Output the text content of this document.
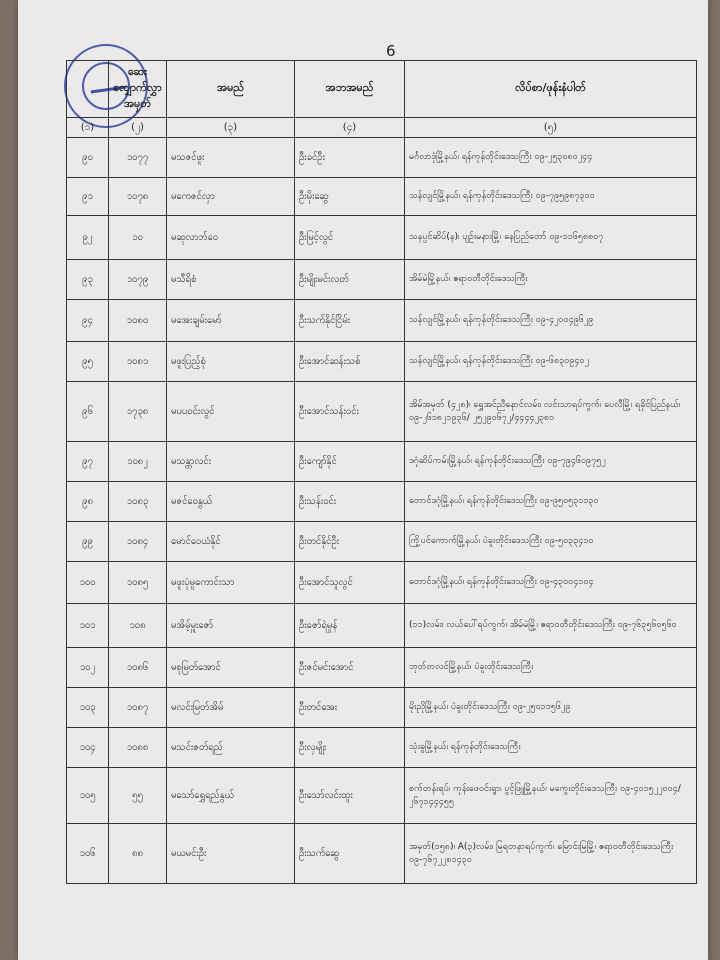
6
	ဆေးလျှောက်လွှာအမှတ်	အမည်	အဘအမည်	လိပ်စာ/ဖုန်းနံပါတ်
(၁)	(၂)	(၃)	(၄)	(၅)
၉၀	၁၀၇၇	မသဇင်ဖူး	ဦးခင်ဦး	မင်္ဂလာဒုံမြို့နယ်၊ ရန်ကုန်တိုင်းဒေသကြီး ၀၉-၂၅၃၀၈၀၂၄၄
၉၁	၁၀၇၈	မကေဇင်လှာ	ဦးမိုးဆွေ	သန်လျင်မြို့နယ်၊ ရန်ကုန်တိုင်းဒေသကြီး ၀၉-၇၉၅၉၈၇၃၀၀
၉၂	၁၀	မဆုလာဘ်ဝေ	ဦးမြင့်လွင်	သနပ္ပင်ဆိပ်(န)၊ ပျဉ်းမနားမြို့၊ နေပြည်တော် ၀၉-၁၁၆၅၈၈၀၇
၉၃	၁၀၇၉	မသီရိစံ	ဦးမျိုးမင်းလတ်	အိမ်မဲမြို့နယ်၊ ဧရာဝတီတိုင်းဒေသကြီး
၉၄	၁၀၈၀	မအေးချမ်းမော်	ဦးသက်နိုင်ငြိမ်း	သန်လျင်မြို့နယ်၊ ရန်ကုန်တိုင်းဒေသကြီး ၀၉-၄၂၀၀၄၉၆၂၉
၉၅	၁၀၈၁	မဖူးပြည့်စုံ	ဦးအောင်ဆန်းသစ်	သန်လျင်မြို့နယ်၊ ရန်ကုန်တိုင်းဒေသကြီး ၀၉-၆၈၃၀၉၄၀၂
၉၆	၁၇၃၈	မပပဝင်းလွင်	ဦးအောင်သန်းဝင်း	အိမ်အမှတ် (၄၂၈)၊ ရွှေအင်ညီနောင်လမ်း၊ လင်းသာရပ်ကွက်၊ ပေလီမြို့၊ ရခိုင်ပြည်နယ်၊ ၀၉-၂၆၁၈၂၁၉၃၆/ ၂၅၂၉၀၆၇၂/၄၄၄၄၂၃၈၁
၉၇	၁၀၈၂	မသန္တာလင်း	ဦးကျော်နိုင်	ဒဂုံဆိပ်ကမ်းမြို့နယ်၊ ရန်ကုန်တိုင်းဒေသကြီး ၀၉-၇၉၄၆၀၉၇၅၂
၉၈	၁၀၈၃	မဇင်ဝေနွယ်	ဦးသန်းဝင်း	တောင်ဒဂုံမြို့နယ်၊ ရန်ကုန်တိုင်းဒေသကြီး ၀၉-၉၅၀၅၃၁၁၃၀
၉၉	၁၀၈၄	မောင်ဝေယံနိုင်	ဦးတင်နိုင်ဦး	ကြို့ပင်ကောက်မြို့နယ်၊ ပဲခူးတိုင်းဒေသကြီး ၀၉-၅၀၃၃၄၁၀
၁၀၀	၁၀၈၅	မဖူးပုံမူကောင်းသာ	ဦးအောင်သူလွင်	တောင်ဒဂုံမြို့နယ်၊ ရန်ကုန်တိုင်းဒေသကြီး ၀၉-၄၃၀၀၄၁၀၄
၁၀၁	၁၀၈	မအိမ့်မှူးဇော်	ဦးဇော်ရဲမှုန်	(၁၁)လမ်း၊ လယ်ပေါ်ရပ်ကွက်၊ အိမ်မဲမြို့၊ ဧရာဝတီတိုင်းဒေသကြီး ၀၉-၇၆၃၅၆၀၅၆၀
၁၀၂	၁၀၈၆	မစုမြတ်အောင်	ဦးဇင်မင်းအောင်	ဘုတ်တလင်မြို့နယ်၊ ပဲခူးတိုင်းဒေသကြီး
၁၀၃	၁၀၈၇	မလင်းမြတ်အိမ်	ဦးတင်အေး	မိုးညိုမြို့နယ်၊ ပဲခူးတိုင်းဒေသကြီး ၀၉-၂၅၀၁၁၅၆၂၉
၁၀၄	၁၀၈၈	မသင်းဇတ်ရည်	ဦးလှမျိုး	သုံးခွမြို့နယ်၊ ရန်ကုန်တိုင်းဒေသကြီး
၁၀၅	၅၅	မသော်ရွှေရည်နွယ်	ဦးသော်လင်းထူး	စက်တန်းရပ်၊ ကုန်းဖေဝင်းရွာ၊ ပွင့်ဖြူမြို့နယ်၊ မကွေးတိုင်းဒေသကြီး ၀၉-၄၀၁၅၂၂၀၀၄/ ၂၆၇၁၄၄၄၅၅
၁၀၆	၈၈	မယမင်းဦး	ဦးသက်ဆွေ	အမှတ်(၁၅၈)၊ A(၃)လမ်း၊ မြရတနာရပ်ကွက်၊ မြောင်းမြမြို့၊ ဧရာဝတီတိုင်းဒေသကြီး ၀၉-၇၆၇၂၂၈၁၄၃၀
